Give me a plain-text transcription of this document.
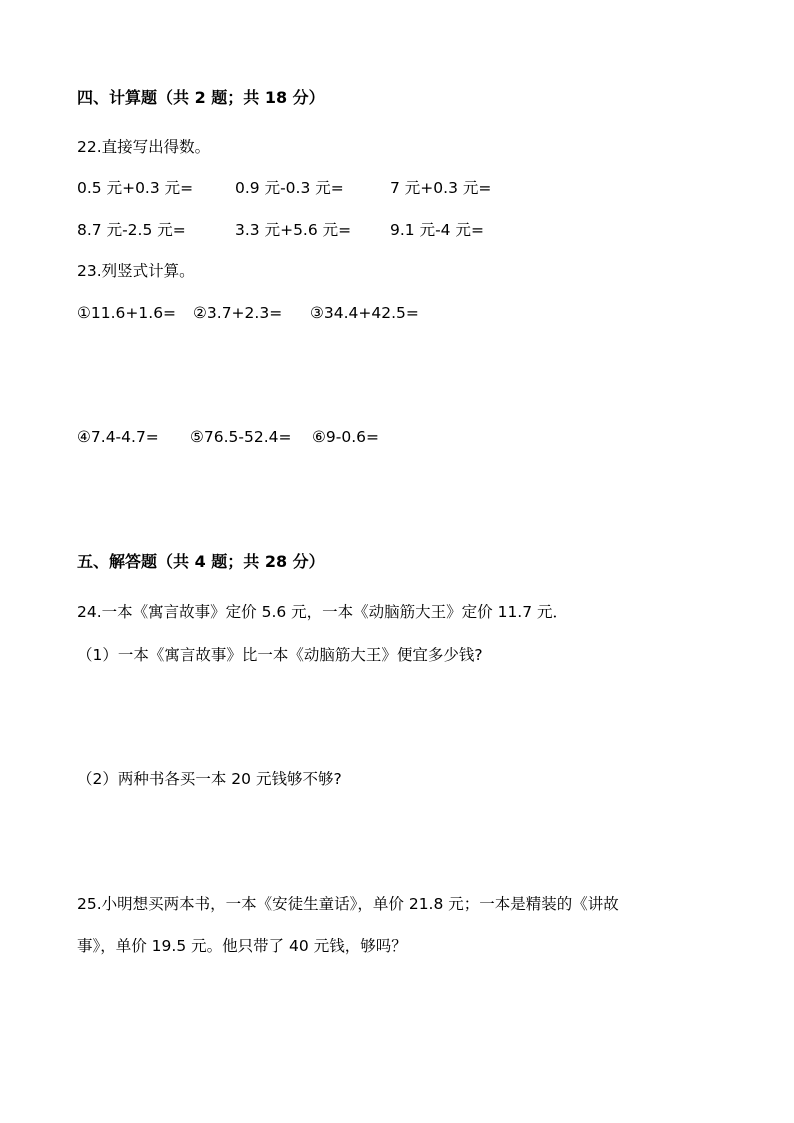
四、计算题（共 2 题；共 18 分）
22.直接写出得数。
0.5 元+0.3 元=	0.9 元-0.3 元=	7 元+0.3 元=
8.7 元-2.5 元=	3.3 元+5.6 元=	9.1 元-4 元=
23.列竖式计算。
①11.6+1.6= ②3.7+2.3= ③34.4+42.5=
④7.4-4.7= ⑤76.5-52.4= ⑥9-0.6=
五、解答题（共 4 题；共 28 分）
24.一本《寓言故事》定价 5.6 元，一本《动脑筋大王》定价 11.7 元．
（1）一本《寓言故事》比一本《动脑筋大王》便宜多少钱?
（2）两种书各买一本 20 元钱够不够?
25.小明想买两本书，一本《安徒生童话》，单价 21.8 元；一本是精装的《讲故
事》，单价 19.5 元。他只带了 40 元钱，够吗？
